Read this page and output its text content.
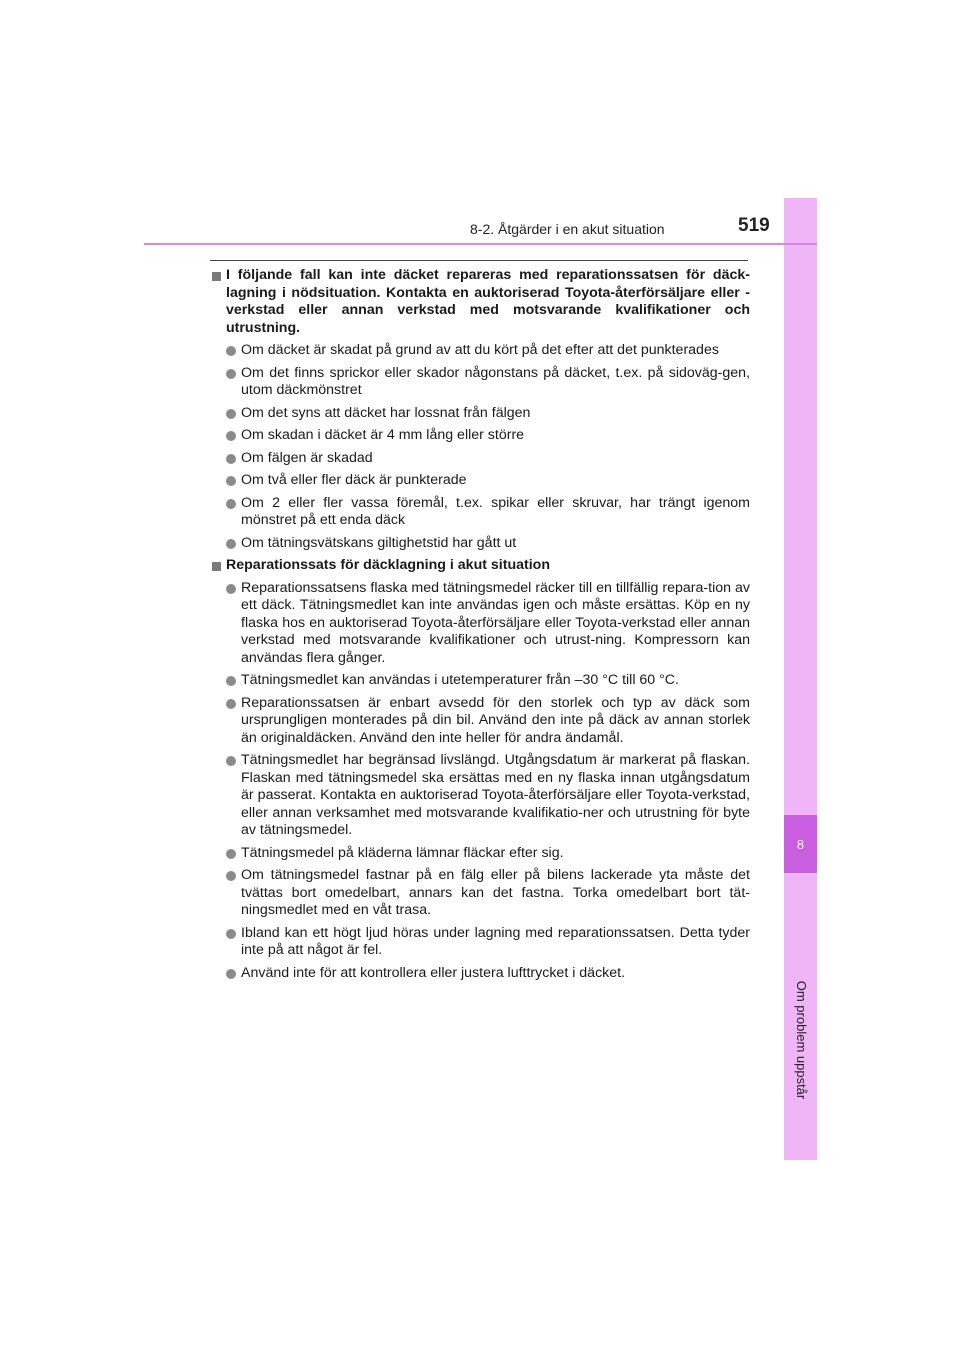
8
Om problem uppstår
8-2. Åtgärder i en akut situation	519
I följande fall kan inte däcket repareras med reparationssatsen för däck-lagning i nödsituation. Kontakta en auktoriserad Toyota-återförsäljare eller -verkstad eller annan verkstad med motsvarande kvalifikationer och utrustning.
Om däcket är skadat på grund av att du kört på det efter att det punkterades
Om det finns sprickor eller skador någonstans på däcket, t.ex. på sidoväg-gen, utom däckmönstret
Om det syns att däcket har lossnat från fälgen
Om skadan i däcket är 4 mm lång eller större
Om fälgen är skadad
Om två eller fler däck är punkterade
Om 2 eller fler vassa föremål, t.ex. spikar eller skruvar, har trängt igenom mönstret på ett enda däck
Om tätningsvätskans giltighetstid har gått ut
Reparationssats för däcklagning i akut situation
Reparationssatsens flaska med tätningsmedel räcker till en tillfällig repara-tion av ett däck. Tätningsmedlet kan inte användas igen och måste ersättas. Köp en ny flaska hos en auktoriserad Toyota-återförsäljare eller Toyota-verkstad eller annan verkstad med motsvarande kvalifikationer och utrust-ning. Kompressorn kan användas flera gånger.
Tätningsmedlet kan användas i utetemperaturer från –30 °C till 60 °C.
Reparationssatsen är enbart avsedd för den storlek och typ av däck som ursprungligen monterades på din bil. Använd den inte på däck av annan storlek än originaldäcken. Använd den inte heller för andra ändamål.
Tätningsmedlet har begränsad livslängd. Utgångsdatum är markerat på flaskan. Flaskan med tätningsmedel ska ersättas med en ny flaska innan utgångsdatum är passerat. Kontakta en auktoriserad Toyota-återförsäljare eller Toyota-verkstad, eller annan verksamhet med motsvarande kvalifikatio-ner och utrustning för byte av tätningsmedel.
Tätningsmedel på kläderna lämnar fläckar efter sig.
Om tätningsmedel fastnar på en fälg eller på bilens lackerade yta måste det tvättas bort omedelbart, annars kan det fastna. Torka omedelbart bort tät-ningsmedlet med en våt trasa.
Ibland kan ett högt ljud höras under lagning med reparationssatsen. Detta tyder inte på att något är fel.
Använd inte för att kontrollera eller justera lufttrycket i däcket.
